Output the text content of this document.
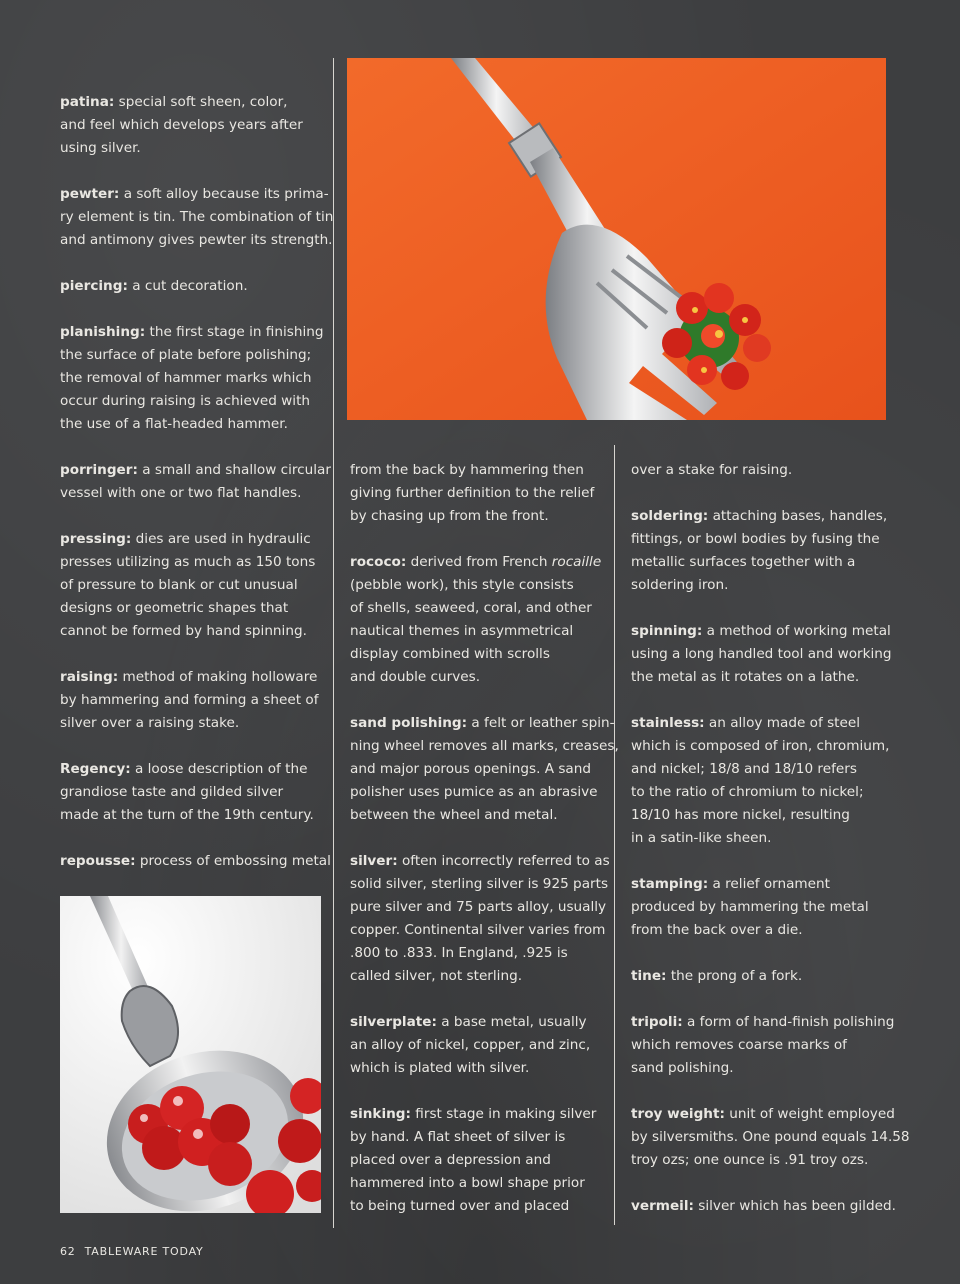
patina: special soft sheen, color,
and feel which develops years after
using silver.
pewter: a soft alloy because its prima-
ry element is tin. The combination of tin
and antimony gives pewter its strength.
piercing: a cut decoration.
planishing: the first stage in finishing
the surface of plate before polishing;
the removal of hammer marks which
occur during raising is achieved with
the use of a flat-headed hammer.
porringer: a small and shallow circular
vessel with one or two flat handles.
pressing: dies are used in hydraulic
presses utilizing as much as 150 tons
of pressure to blank or cut unusual
designs or geometric shapes that
cannot be formed by hand spinning.
raising: method of making holloware
by hammering and forming a sheet of
silver over a raising stake.
Regency: a loose description of the
grandiose taste and gilded silver
made at the turn of the 19th century.
repousse: process of embossing metal
from the back by hammering then
giving further definition to the relief
by chasing up from the front.
rococo: derived from French rocaille
(pebble work), this style consists
of shells, seaweed, coral, and other
nautical themes in asymmetrical
display combined with scrolls
and double curves.
sand polishing: a felt or leather spin-
ning wheel removes all marks, creases,
and major porous openings. A sand
polisher uses pumice as an abrasive
between the wheel and metal.
silver: often incorrectly referred to as
solid silver, sterling silver is 925 parts
pure silver and 75 parts alloy, usually
copper. Continental silver varies from
.800 to .833. In England, .925 is
called silver, not sterling.
silverplate: a base metal, usually
an alloy of nickel, copper, and zinc,
which is plated with silver.
sinking: first stage in making silver
by hand. A flat sheet of silver is
placed over a depression and
hammered into a bowl shape prior
to being turned over and placed
over a stake for raising.
soldering: attaching bases, handles,
fittings, or bowl bodies by fusing the
metallic surfaces together with a
soldering iron.
spinning: a method of working metal
using a long handled tool and working
the metal as it rotates on a lathe.
stainless: an alloy made of steel
which is composed of iron, chromium,
and nickel; 18/8 and 18/10 refers
to the ratio of chromium to nickel;
18/10 has more nickel, resulting
in a satin-like sheen.
stamping: a relief ornament
produced by hammering the metal
from the back over a die.
tine: the prong of a fork.
tripoli: a form of hand-finish polishing
which removes coarse marks of
sand polishing.
troy weight: unit of weight employed
by silversmiths. One pound equals 14.58
troy ozs; one ounce is .91 troy ozs.
vermeil: silver which has been gilded.
62 TABLEWARE TODAY
